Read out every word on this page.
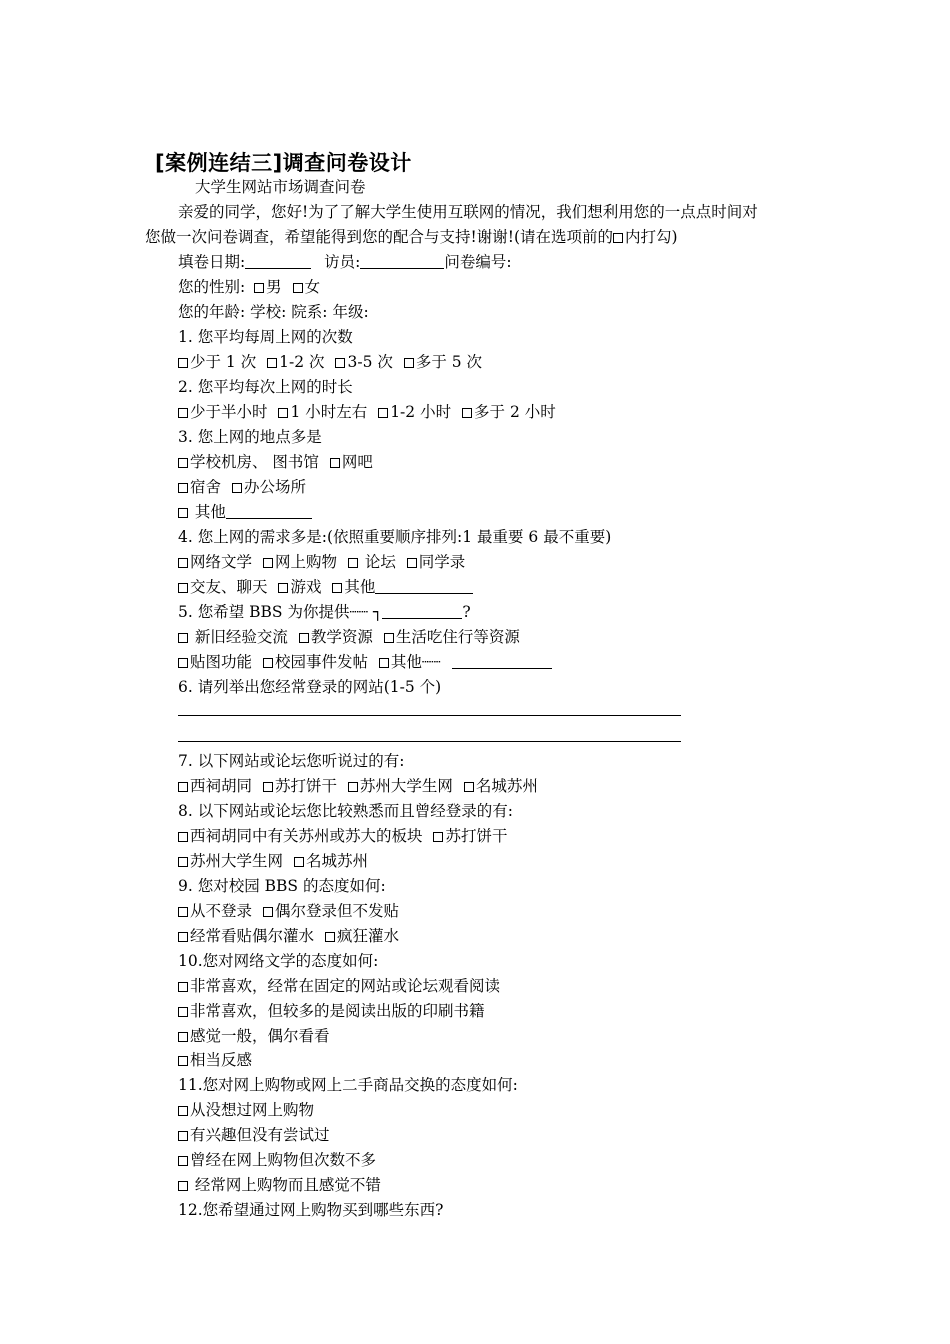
[案例连结三]调查问卷设计
大学生网站市场调查问卷
亲爱的同学，您好!为了了解大学生使用互联网的情况，我们想利用您的一点点时间对
您做一次问卷调查，希望能得到您的配合与支持!谢谢!(请在选项前的 内打勾)
填卷日期:	访员:	问卷编号:
您的性别: 男 女
您的年龄: 学校: 院系: 年级:
1. 您平均每周上网的次数
少于 1 次 1-2 次 3-5 次 多于 5 次
2. 您平均每次上网的时长
少于半小时 1 小时左右 1-2 小时 多于 2 小时
3. 您上网的地点多是
学校机房、 图书馆 网吧
宿舍 办公场所
其他
4. 您上网的需求多是:(依照重要顺序排列:1 最重要 6 最不重要)
网络文学 网上购物  论坛 同学录
交友、聊天 游戏 其他
5. 您希望 BBS 为你提供┈┈ ┐	?
新旧经验交流 教学资源 生活吃住行等资源
贴图功能 校园事件发帖 其他┈┈
6. 请列举出您经常登录的网站(1-5 个)
7. 以下网站或论坛您听说过的有:
西祠胡同 苏打饼干 苏州大学生网 名城苏州
8. 以下网站或论坛您比较熟悉而且曾经登录的有:
西祠胡同中有关苏州或苏大的板块 苏打饼干
苏州大学生网 名城苏州
9. 您对校园 BBS 的态度如何:
从不登录 偶尔登录但不发贴
经常看贴偶尔灌水 疯狂灌水
10.您对网络文学的态度如何:
非常喜欢，经常在固定的网站或论坛观看阅读
非常喜欢，但较多的是阅读出版的印刷书籍
感觉一般，偶尔看看
相当反感
11.您对网上购物或网上二手商品交换的态度如何:
从没想过网上购物
有兴趣但没有尝试过
曾经在网上购物但次数不多
经常网上购物而且感觉不错
12.您希望通过网上购物买到哪些东西?
